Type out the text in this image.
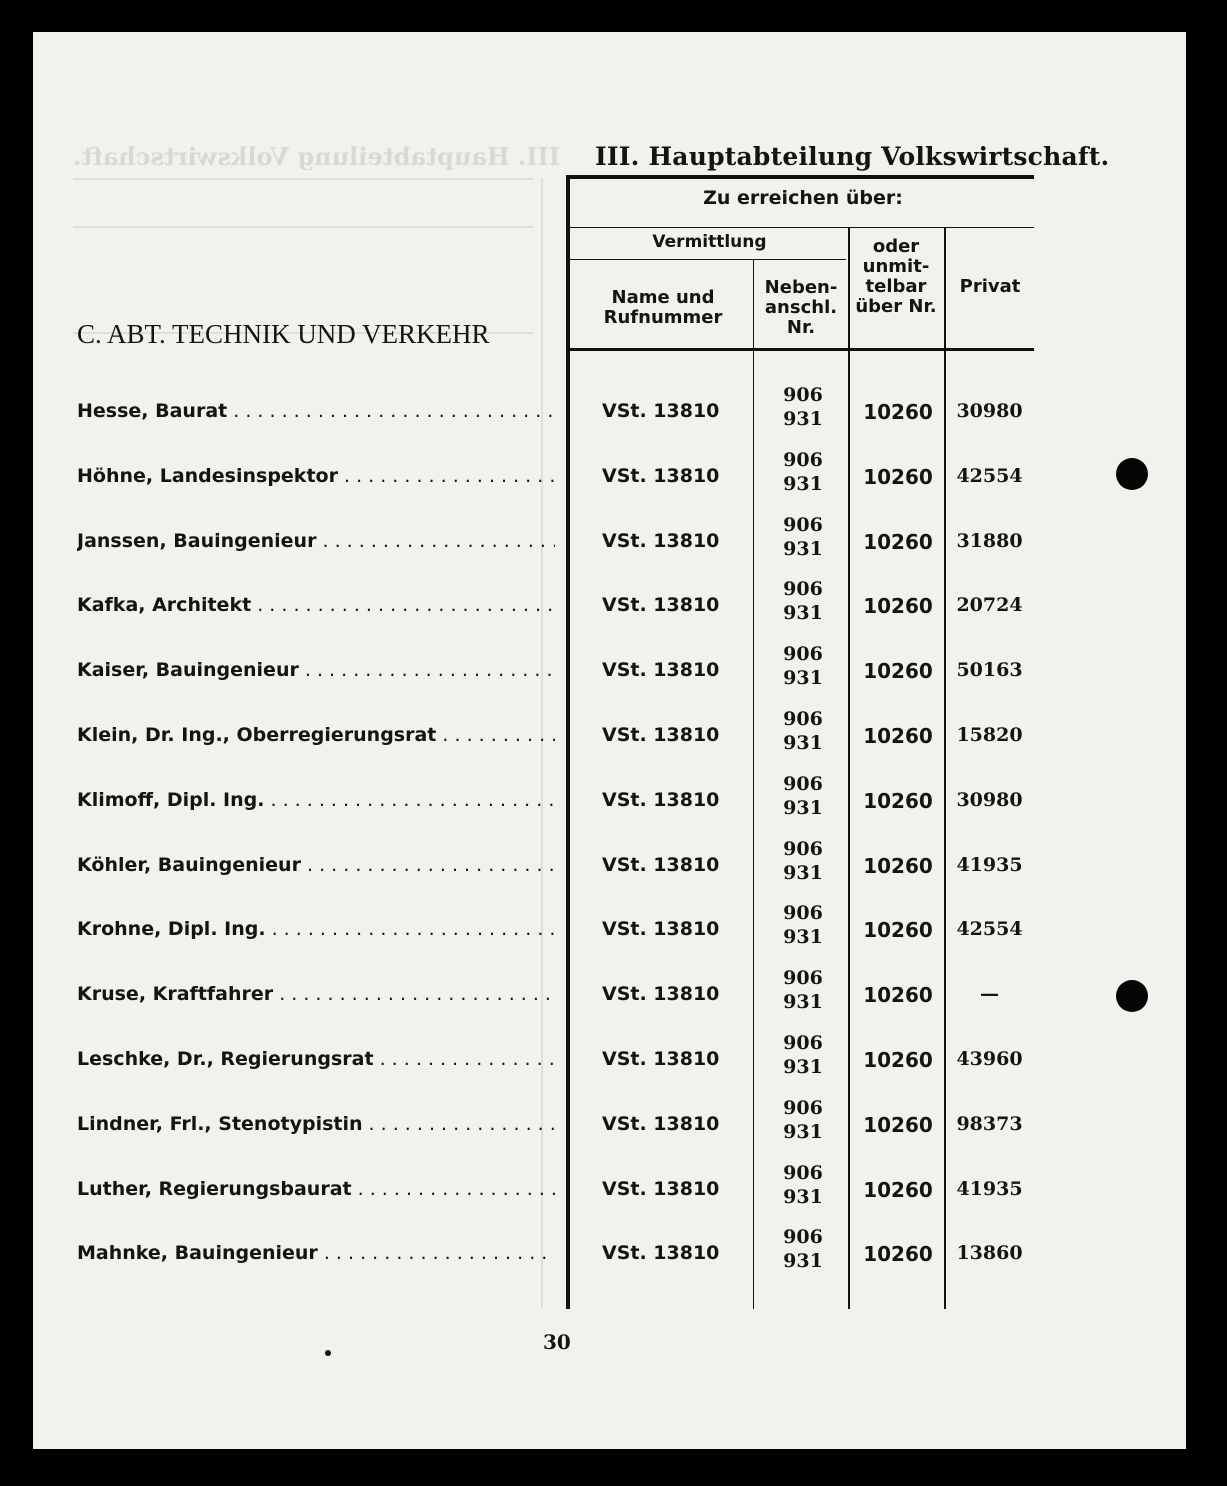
III. Hauptabteilung Volkswirtschaft. III. Hauptabteilung Volkswirtschaft.
C. ABT. TECHNIK UND VERKEHR
Zu erreichen über:
Vermittlung
Name und Rufnummer
Neben- anschl. Nr.
oder unmit- telbar über Nr.
Privat
Hesse, Baurat . . .	VSt. 13810
906
931	10260	30980
Höhne, Landesinspektor . . .	VSt. 13810
906
931	10260	42554
Janssen, Bauingenieur . . .	VSt. 13810
906
931	10260	31880
Kafka, Architekt . . .	VSt. 13810
906
931	10260	20724
Kaiser, Bauingenieur . . .	VSt. 13810
906
931	10260	50163
Klein, Dr. Ing., Oberregierungsrat . . .	VSt. 13810
906
931	10260	15820
Klimoff, Dipl. Ing. . . .	VSt. 13810
906
931	10260	30980
Köhler, Bauingenieur . . .	VSt. 13810
906
931	10260	41935
Krohne, Dipl. Ing. . . .	VSt. 13810
906
931	10260	42554
Kruse, Kraftfahrer . . .	VSt. 13810
906
931	10260	—
Leschke, Dr., Regierungsrat . . .	VSt. 13810
906
931	10260	43960
Lindner, Frl., Stenotypistin . . .	VSt. 13810
906
931	10260	98373
Luther, Regierungsbaurat . . .	VSt. 13810
906
931	10260	41935
Mahnke, Bauingenieur . . .	VSt. 13810
906
931	10260	13860
30
